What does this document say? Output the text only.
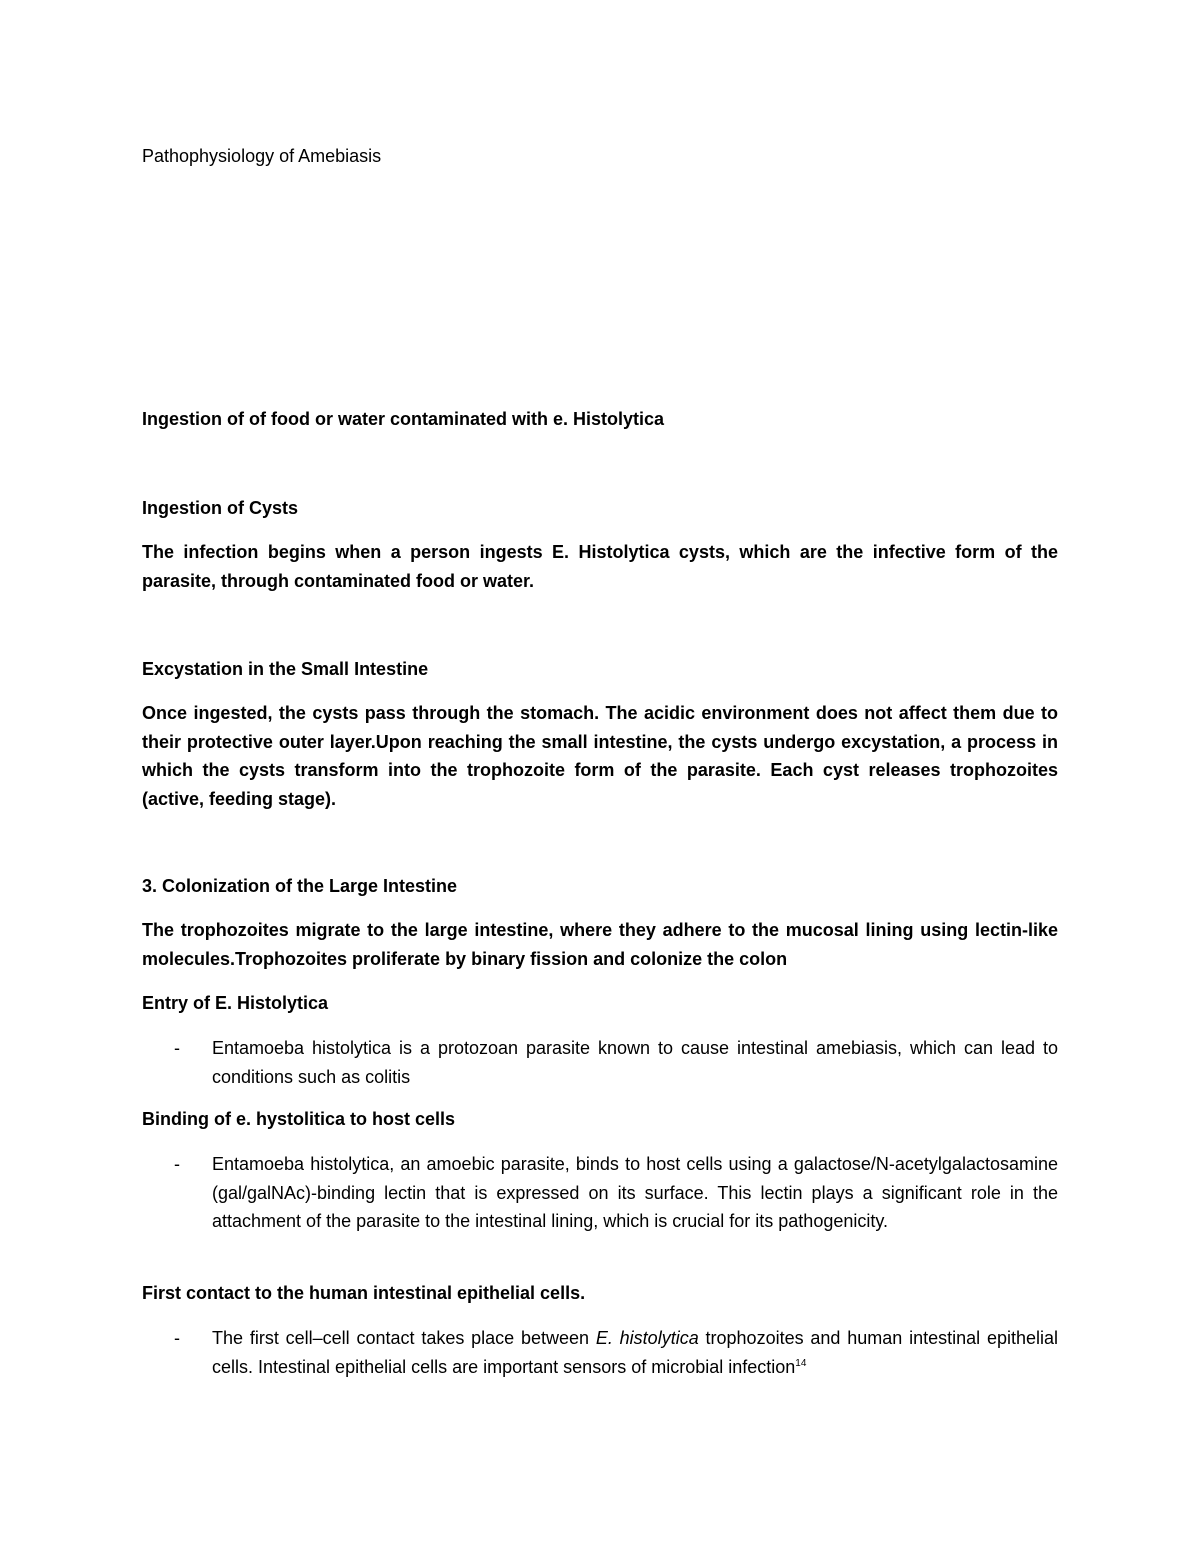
Pathophysiology of Amebiasis

Ingestion of of food or water contaminated with e. Histolytica

Ingestion of Cysts

The infection begins when a person ingests E. Histolytica cysts, which are the infective form of the parasite, through contaminated food or water.

Excystation in the Small Intestine

Once ingested, the cysts pass through the stomach. The acidic environment does not affect them due to their protective outer layer.Upon reaching the small intestine, the cysts undergo excystation, a process in which the cysts transform into the trophozoite form of the parasite. Each cyst releases trophozoites (active, feeding stage).

3. Colonization of the Large Intestine

The trophozoites migrate to the large intestine, where they adhere to the mucosal lining using lectin-like molecules.Trophozoites proliferate by binary fission and colonize the colon

Entry of E. Histolytica

- Entamoeba histolytica is a protozoan parasite known to cause intestinal amebiasis, which can lead to conditions such as colitis

Binding of e. hystolitica to host cells

- Entamoeba histolytica, an amoebic parasite, binds to host cells using a galactose/N-acetylgalactosamine (gal/galNAc)-binding lectin that is expressed on its surface. This lectin plays a significant role in the attachment of the parasite to the intestinal lining, which is crucial for its pathogenicity.

First contact to the human intestinal epithelial cells.

- The first cell–cell contact takes place between E. histolytica trophozoites and human intestinal epithelial cells. Intestinal epithelial cells are important sensors of microbial infection$^{14}$
